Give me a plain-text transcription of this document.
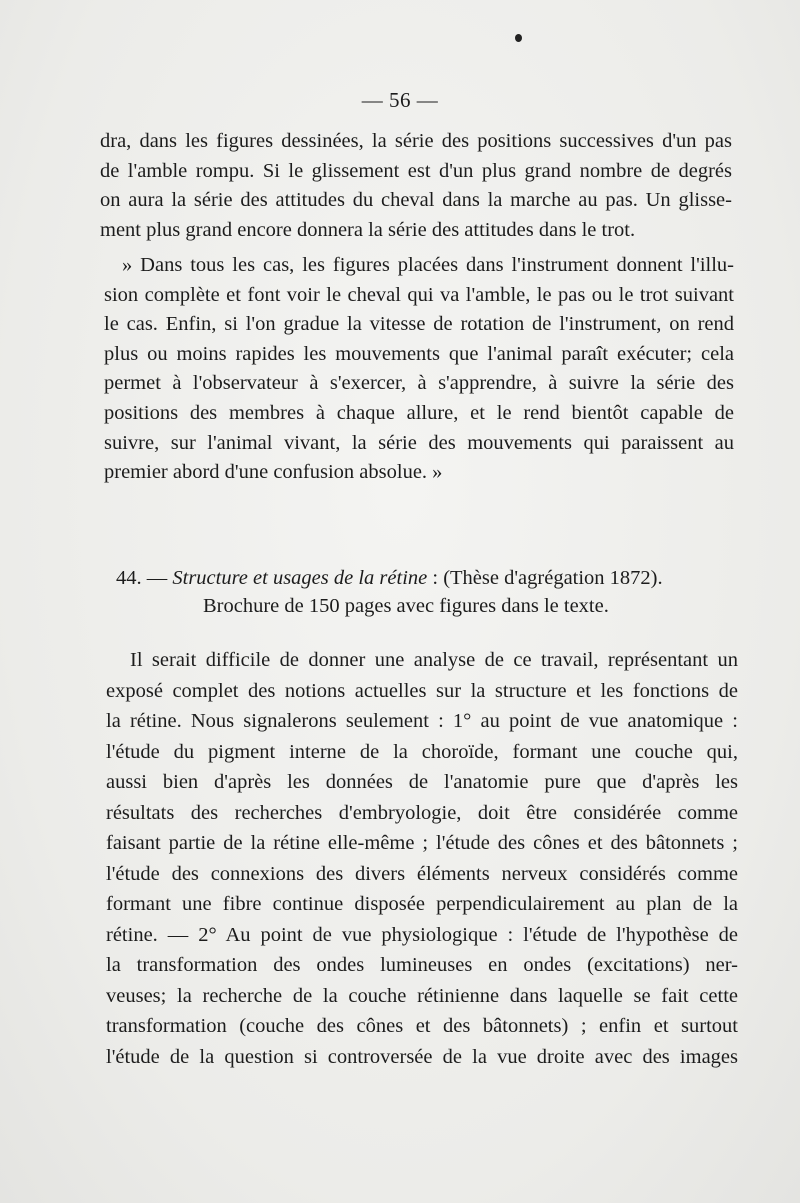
— 56 —

dra, dans les figures dessinées, la série des positions successives d'un pas
de l'amble rompu. Si le glissement est d'un plus grand nombre de degrés
on aura la série des attitudes du cheval dans la marche au pas. Un glisse-
ment plus grand encore donnera la série des attitudes dans le trot.

» Dans tous les cas, les figures placées dans l'instrument donnent l'illu-
sion complète et font voir le cheval qui va l'amble, le pas ou le trot suivant
le cas. Enfin, si l'on gradue la vitesse de rotation de l'instrument, on rend
plus ou moins rapides les mouvements que l'animal paraît exécuter; cela
permet à l'observateur à s'exercer, à s'apprendre, à suivre la série des
positions des membres à chaque allure, et le rend bientôt capable de
suivre, sur l'animal vivant, la série des mouvements qui paraissent au
premier abord d'une confusion absolue. »

44. — Structure et usages de la rétine : (Thèse d'agrégation 1872).
Brochure de 150 pages avec figures dans le texte.

Il serait difficile de donner une analyse de ce travail, représentant un
exposé complet des notions actuelles sur la structure et les fonctions de
la rétine. Nous signalerons seulement : 1° au point de vue anatomique :
l'étude du pigment interne de la choroïde, formant une couche qui,
aussi bien d'après les données de l'anatomie pure que d'après les
résultats des recherches d'embryologie, doit être considérée comme
faisant partie de la rétine elle-même ; l'étude des cônes et des bâtonnets ;
l'étude des connexions des divers éléments nerveux considérés comme
formant une fibre continue disposée perpendiculairement au plan de la
rétine. — 2° Au point de vue physiologique : l'étude de l'hypothèse de
la transformation des ondes lumineuses en ondes (excitations) ner-
veuses; la recherche de la couche rétinienne dans laquelle se fait cette
transformation (couche des cônes et des bâtonnets) ; enfin et surtout
l'étude de la question si controversée de la vue droite avec des images
